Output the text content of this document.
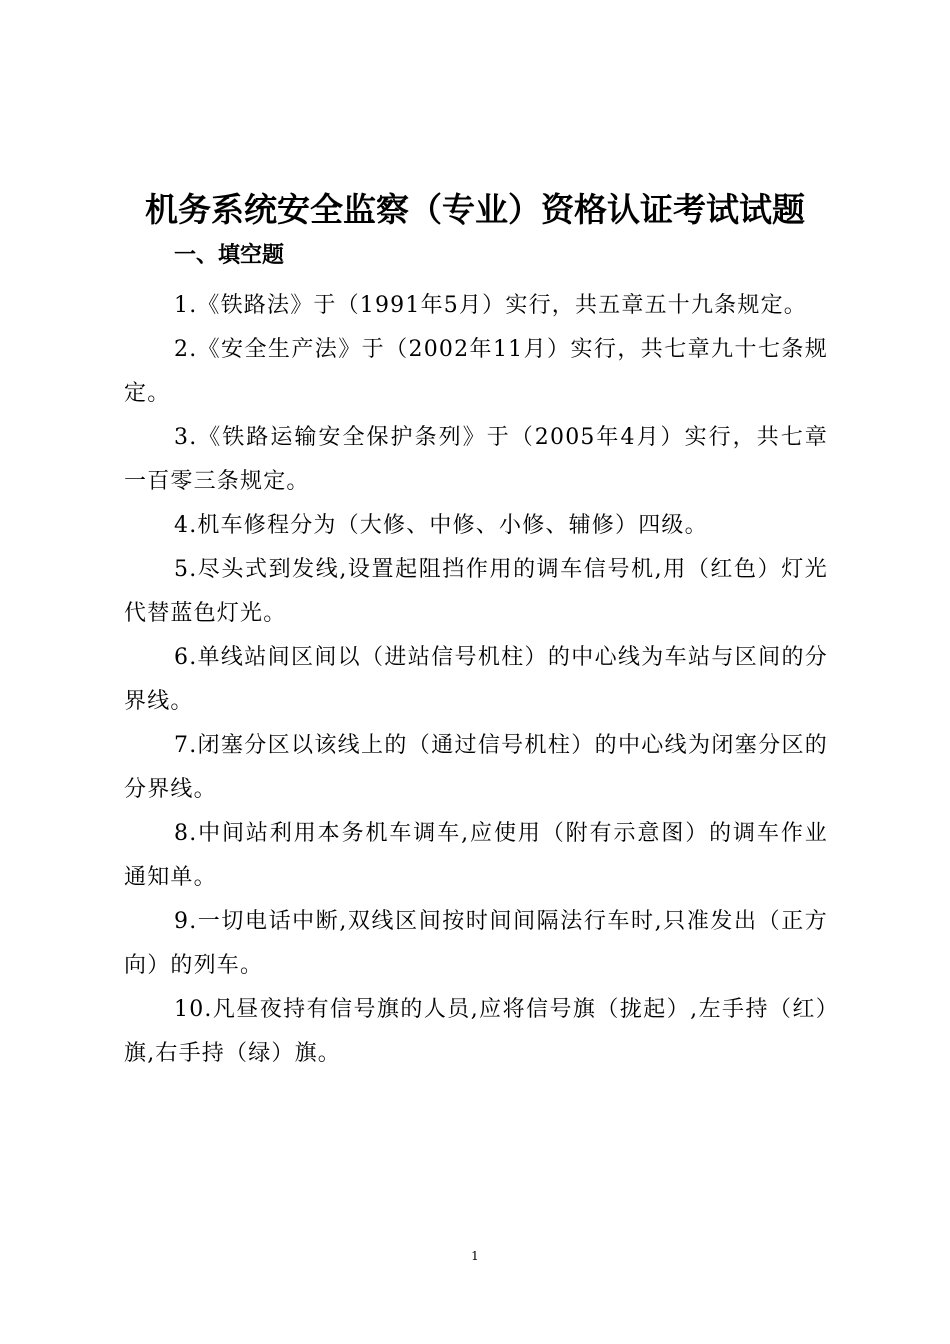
机务系统安全监察（专业）资格认证考试试题
一、填空题

1.《铁路法》于（1991年5月）实行，共五章五十九条规定。

2.《安全生产法》于（2002年11月）实行，共七章九十七条规定。

3.《铁路运输安全保护条列》于（2005年4月）实行，共七章一百零三条规定。

4.机车修程分为（大修、中修、小修、辅修）四级。

5.尽头式到发线,设置起阻挡作用的调车信号机,用（红色）灯光代替蓝色灯光。

6.单线站间区间以（进站信号机柱）的中心线为车站与区间的分界线。

7.闭塞分区以该线上的（通过信号机柱）的中心线为闭塞分区的分界线。

8.中间站利用本务机车调车,应使用（附有示意图）的调车作业通知单。

9.一切电话中断,双线区间按时间间隔法行车时,只准发出（正方向）的列车。

10.凡昼夜持有信号旗的人员,应将信号旗（拢起）,左手持（红）旗,右手持（绿）旗。

1
